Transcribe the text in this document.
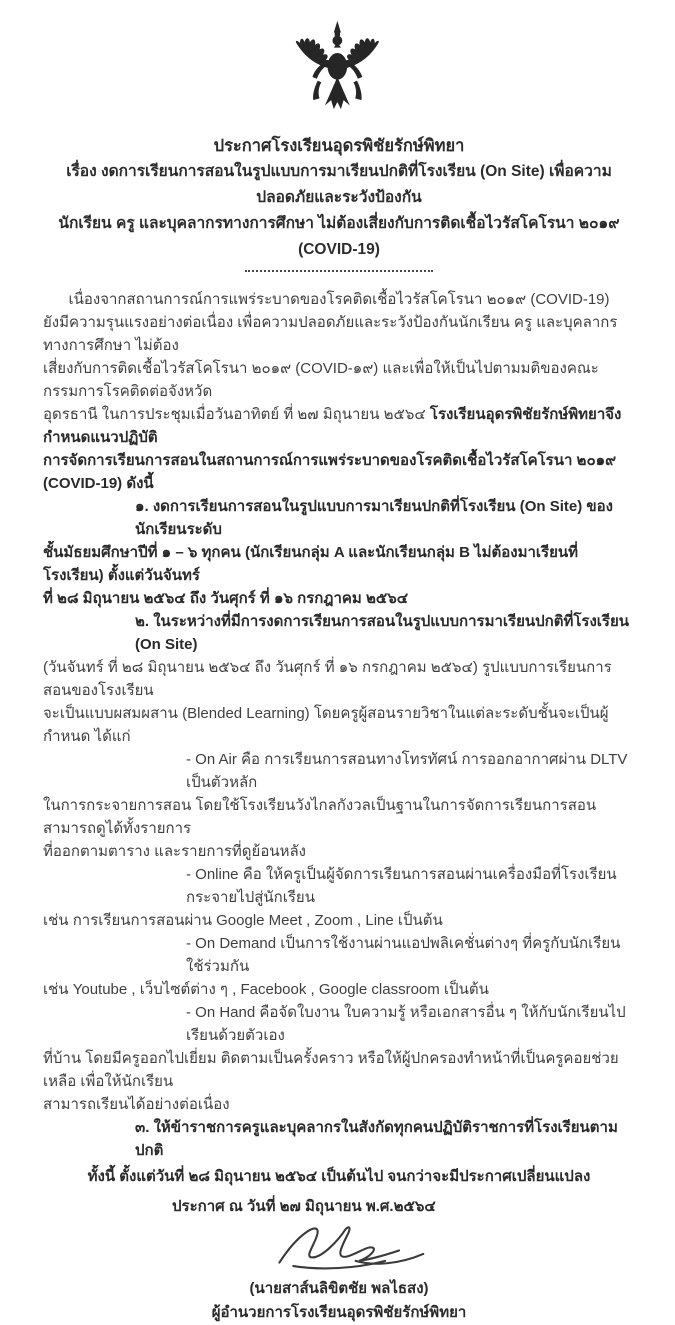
ประกาศโรงเรียนอุดรพิชัยรักษ์พิทยา
เรื่อง งดการเรียนการสอนในรูปแบบการมาเรียนปกติที่โรงเรียน (On Site) เพื่อความปลอดภัยและระวังป้องกัน
นักเรียน ครู และบุคลากรทางการศึกษา ไม่ต้องเสี่ยงกับการติดเชื้อไวรัสโคโรนา ๒๐๑๙ (COVID-19)
เนื่องจากสถานการณ์การแพร่ระบาดของโรคติดเชื้อไวรัสโคโรนา ๒๐๑๙ (COVID-19)
ยังมีความรุนแรงอย่างต่อเนื่อง เพื่อความปลอดภัยและระวังป้องกันนักเรียน ครู และบุคลากรทางการศึกษา ไม่ต้อง
เสี่ยงกับการติดเชื้อไวรัสโคโรนา ๒๐๑๙ (COVID-๑๙) และเพื่อให้เป็นไปตามมติของคณะกรรมการโรคติดต่อจังหวัด
อุดรธานี ในการประชุมเมื่อวันอาทิตย์ ที่ ๒๗ มิถุนายน ๒๕๖๔ โรงเรียนอุดรพิชัยรักษ์พิทยาจึงกำหนดแนวปฏิบัติ
การจัดการเรียนการสอนในสถานการณ์การแพร่ระบาดของโรคติดเชื้อไวรัสโคโรนา ๒๐๑๙ (COVID-19) ดังนี้
๑. งดการเรียนการสอนในรูปแบบการมาเรียนปกติที่โรงเรียน (On Site) ของนักเรียนระดับ
ชั้นมัธยมศึกษาปีที่ ๑ – ๖ ทุกคน (นักเรียนกลุ่ม A และนักเรียนกลุ่ม B ไม่ต้องมาเรียนที่โรงเรียน) ตั้งแต่วันจันทร์
ที่ ๒๘ มิถุนายน ๒๕๖๔ ถึง วันศุกร์ ที่ ๑๖ กรกฎาคม ๒๕๖๔
๒. ในระหว่างที่มีการงดการเรียนการสอนในรูปแบบการมาเรียนปกติที่โรงเรียน (On Site)
(วันจันทร์ ที่ ๒๘ มิถุนายน ๒๕๖๔ ถึง วันศุกร์ ที่ ๑๖ กรกฎาคม ๒๕๖๔) รูปแบบการเรียนการสอนของโรงเรียน
จะเป็นแบบผสมผสาน (Blended Learning) โดยครูผู้สอนรายวิชาในแต่ละระดับชั้นจะเป็นผู้กำหนด ได้แก่
- On Air คือ การเรียนการสอนทางโทรทัศน์ การออกอากาศผ่าน DLTV เป็นตัวหลัก
ในการกระจายการสอน โดยใช้โรงเรียนวังไกลกังวลเป็นฐานในการจัดการเรียนการสอน สามารถดูได้ทั้งรายการ
ที่ออกตามตาราง และรายการที่ดูย้อนหลัง
- Online คือ ให้ครูเป็นผู้จัดการเรียนการสอนผ่านเครื่องมือที่โรงเรียนกระจายไปสู่นักเรียน
เช่น การเรียนการสอนผ่าน Google Meet , Zoom , Line เป็นต้น
- On Demand เป็นการใช้งานผ่านแอปพลิเคชั่นต่างๆ ที่ครูกับนักเรียนใช้ร่วมกัน
เช่น Youtube , เว็บไซต์ต่าง ๆ , Facebook , Google classroom เป็นต้น
- On Hand คือจัดใบงาน ใบความรู้ หรือเอกสารอื่น ๆ ให้กับนักเรียนไปเรียนด้วยตัวเอง
ที่บ้าน โดยมีครูออกไปเยี่ยม ติดตามเป็นครั้งคราว หรือให้ผู้ปกครองทำหน้าที่เป็นครูคอยช่วยเหลือ เพื่อให้นักเรียน
สามารถเรียนได้อย่างต่อเนื่อง
๓. ให้ข้าราชการครูและบุคลากรในสังกัดทุกคนปฏิบัติราชการที่โรงเรียนตามปกติ
ทั้งนี้ ตั้งแต่วันที่ ๒๘ มิถุนายน ๒๕๖๔ เป็นต้นไป จนกว่าจะมีประกาศเปลี่ยนแปลง
ประกาศ ณ วันที่ ๒๗ มิถุนายน พ.ศ.๒๕๖๔
(นายสาส์นลิขิตชัย พลไธสง)
ผู้อำนวยการโรงเรียนอุดรพิชัยรักษ์พิทยา
